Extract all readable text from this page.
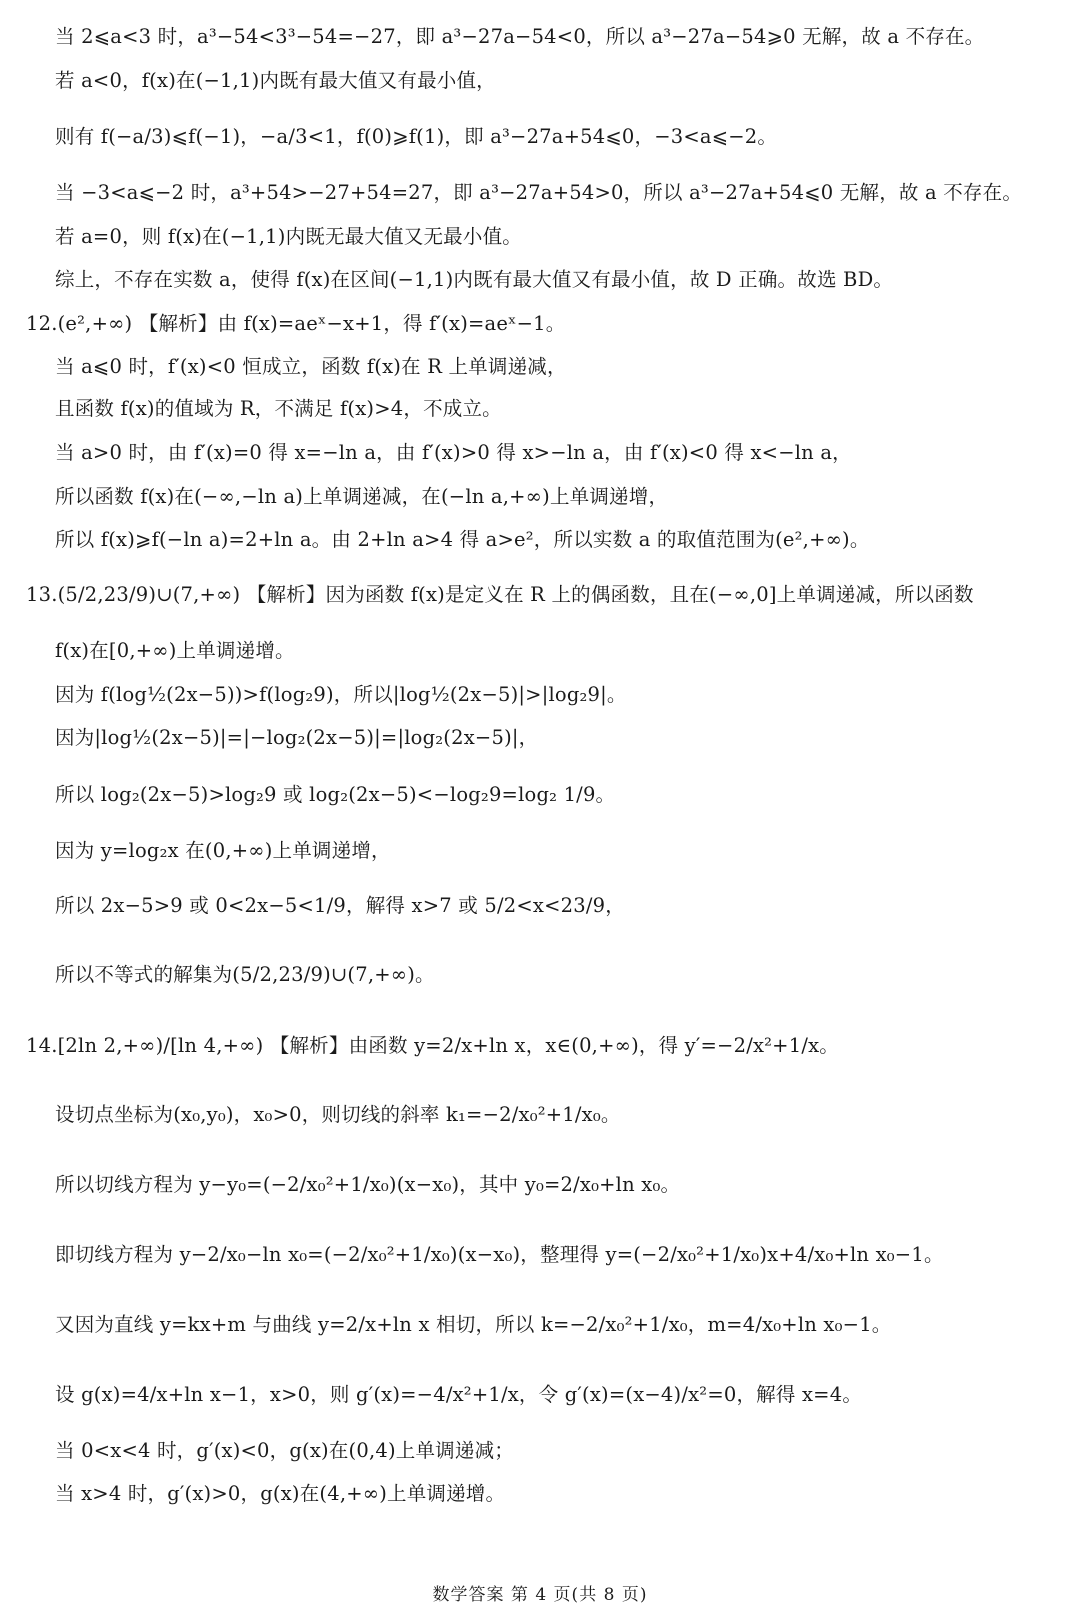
当 2⩽a<3 时，a³−54<3³−54=−27，即 a³−27a−54<0，所以 a³−27a−54⩾0 无解，故 a 不存在。
若 a<0，f(x)在(−1,1)内既有最大值又有最小值，
则有 f(−a/3)⩽f(−1)，−a/3<1，f(0)⩾f(1)，即 a³−27a+54⩽0，−3<a⩽−2。
当 −3<a⩽−2 时，a³+54>−27+54=27，即 a³−27a+54>0，所以 a³−27a+54⩽0 无解，故 a 不存在。
若 a=0，则 f(x)在(−1,1)内既无最大值又无最小值。
综上，不存在实数 a，使得 f(x)在区间(−1,1)内既有最大值又有最小值，故 D 正确。故选 BD。
12.(e²,+∞) 【解析】由 f(x)=aeˣ−x+1，得 f′(x)=aeˣ−1。
当 a⩽0 时，f′(x)<0 恒成立，函数 f(x)在 R 上单调递减，
且函数 f(x)的值域为 R，不满足 f(x)>4，不成立。
当 a>0 时，由 f′(x)=0 得 x=−ln a，由 f′(x)>0 得 x>−ln a，由 f′(x)<0 得 x<−ln a，
所以函数 f(x)在(−∞,−ln a)上单调递减，在(−ln a,+∞)上单调递增，
所以 f(x)⩾f(−ln a)=2+ln a。由 2+ln a>4 得 a>e²，所以实数 a 的取值范围为(e²,+∞)。
13.(5/2,23/9)∪(7,+∞) 【解析】因为函数 f(x)是定义在 R 上的偶函数，且在(−∞,0]上单调递减，所以函数
f(x)在[0,+∞)上单调递增。
因为 f(log½(2x−5))>f(log₂9)，所以|log½(2x−5)|>|log₂9|。
因为|log½(2x−5)|=|−log₂(2x−5)|=|log₂(2x−5)|，
所以 log₂(2x−5)>log₂9 或 log₂(2x−5)<−log₂9=log₂ 1/9。
因为 y=log₂x 在(0,+∞)上单调递增，
所以 2x−5>9 或 0<2x−5<1/9，解得 x>7 或 5/2<x<23/9，
所以不等式的解集为(5/2,23/9)∪(7,+∞)。
14.[2ln 2,+∞)/[ln 4,+∞) 【解析】由函数 y=2/x+ln x，x∈(0,+∞)，得 y′=−2/x²+1/x。
设切点坐标为(x₀,y₀)，x₀>0，则切线的斜率 k₁=−2/x₀²+1/x₀。
所以切线方程为 y−y₀=(−2/x₀²+1/x₀)(x−x₀)，其中 y₀=2/x₀+ln x₀。
即切线方程为 y−2/x₀−ln x₀=(−2/x₀²+1/x₀)(x−x₀)，整理得 y=(−2/x₀²+1/x₀)x+4/x₀+ln x₀−1。
又因为直线 y=kx+m 与曲线 y=2/x+ln x 相切，所以 k=−2/x₀²+1/x₀，m=4/x₀+ln x₀−1。
设 g(x)=4/x+ln x−1，x>0，则 g′(x)=−4/x²+1/x，令 g′(x)=(x−4)/x²=0，解得 x=4。
当 0<x<4 时，g′(x)<0，g(x)在(0,4)上单调递减；
当 x>4 时，g′(x)>0，g(x)在(4,+∞)上单调递增。
数学答案 第 4 页(共 8 页)
